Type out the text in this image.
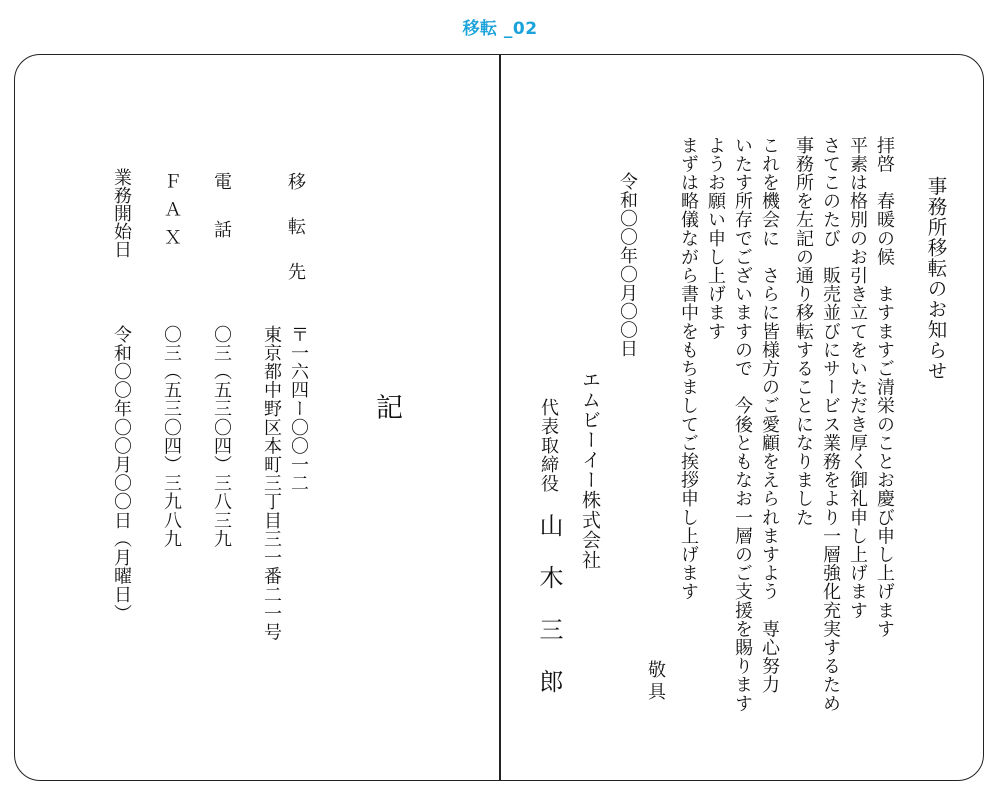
移転 _02
事務所移転のお知らせ
拝啓　春暖の候　ますますご清栄のことお慶び申し上げます
平素は格別のお引き立てをいただき厚く御礼申し上げます
さてこのたび　販売並びにサービス業務をより一層強化充実するため
事務所を左記の通り移転することになりました
これを機会に　さらに皆様方のご愛顧をえられますよう　専心努力
いたす所存でございますので　今後ともなお一層のご支援を賜ります
ようお願い申し上げます
まずは略儀ながら書中をもちましてご挨拶申し上げます
敬具
令和〇〇年〇月〇〇日
エムビーイー株式会社
代表取締役
山木三郎
記
移転先
〒一六四ー〇〇一二
東京都中野区本町三丁目三一番二一号
電話
〇三（五三〇四）三八三九
ＦＡＸ
〇三（五三〇四）三九八九
業務開始日
令和〇〇年〇〇月〇〇日（月曜日）
